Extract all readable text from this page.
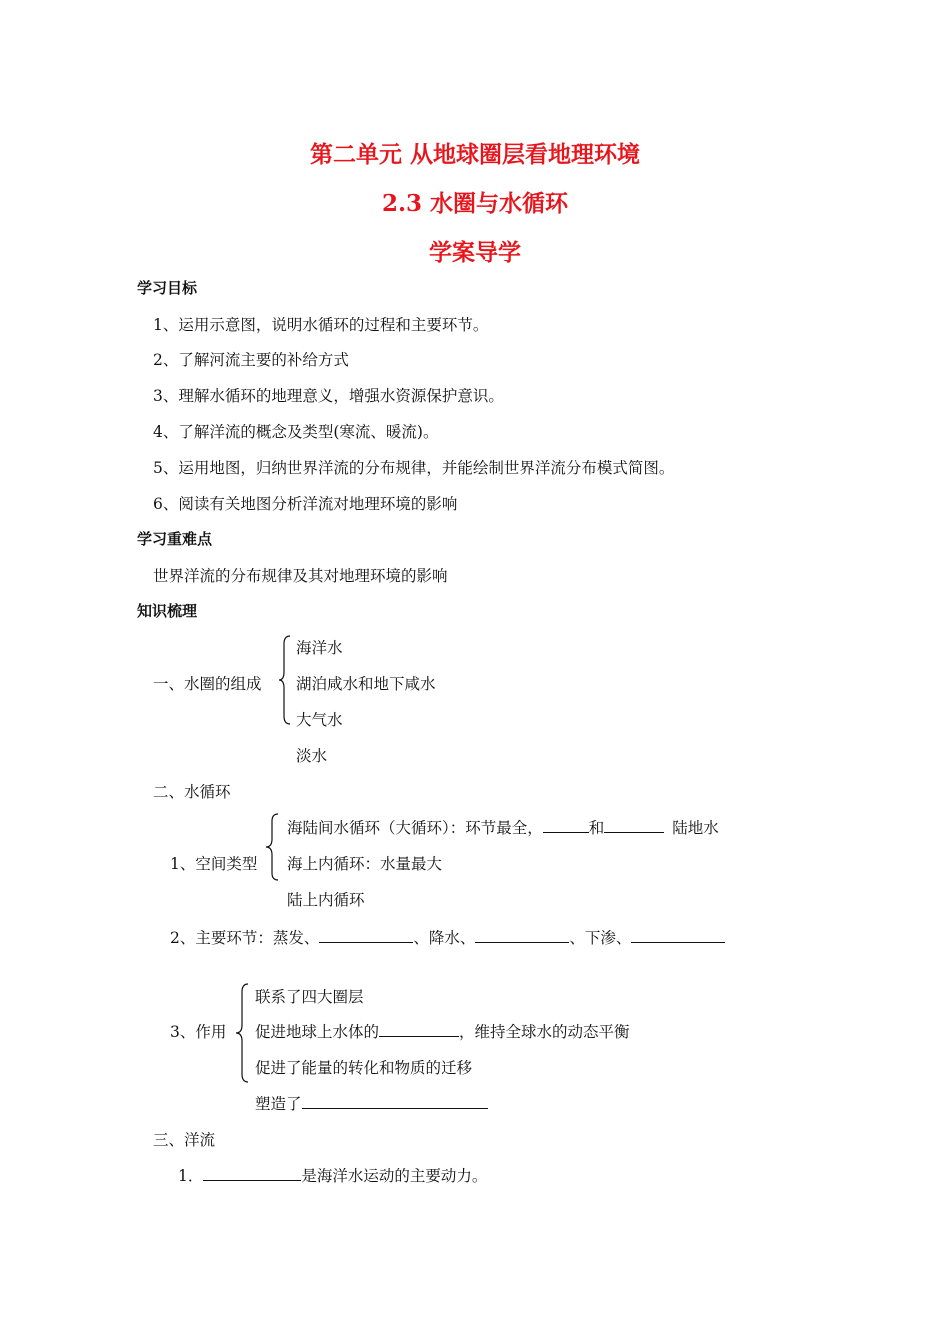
第二单元 从地球圈层看地理环境
2.3 水圈与水循环
学案导学
学习目标
1、运用示意图，说明水循环的过程和主要环节。
2、了解河流主要的补给方式
3、理解水循环的地理意义，增强水资源保护意识。
4、了解洋流的概念及类型(寒流、暖流)。
5、运用地图，归纳世界洋流的分布规律，并能绘制世界洋流分布模式简图。
6、阅读有关地图分析洋流对地理环境的影响
学习重难点
世界洋流的分布规律及其对地理环境的影响
知识梳理
一、水圈的组成
海洋水
湖泊咸水和地下咸水
大气水
淡水
二、水循环
1、空间类型
海陆间水循环（大循环）：环节最全，	和	陆地水
海上内循环：水量最大
陆上内循环
2、主要环节：蒸发、	、降水、	、下渗、
3、作用
联系了四大圈层
促进地球上水体的	，维持全球水的动态平衡
促进了能量的转化和物质的迁移
塑造了
三、洋流
1．	是海洋水运动的主要动力。
